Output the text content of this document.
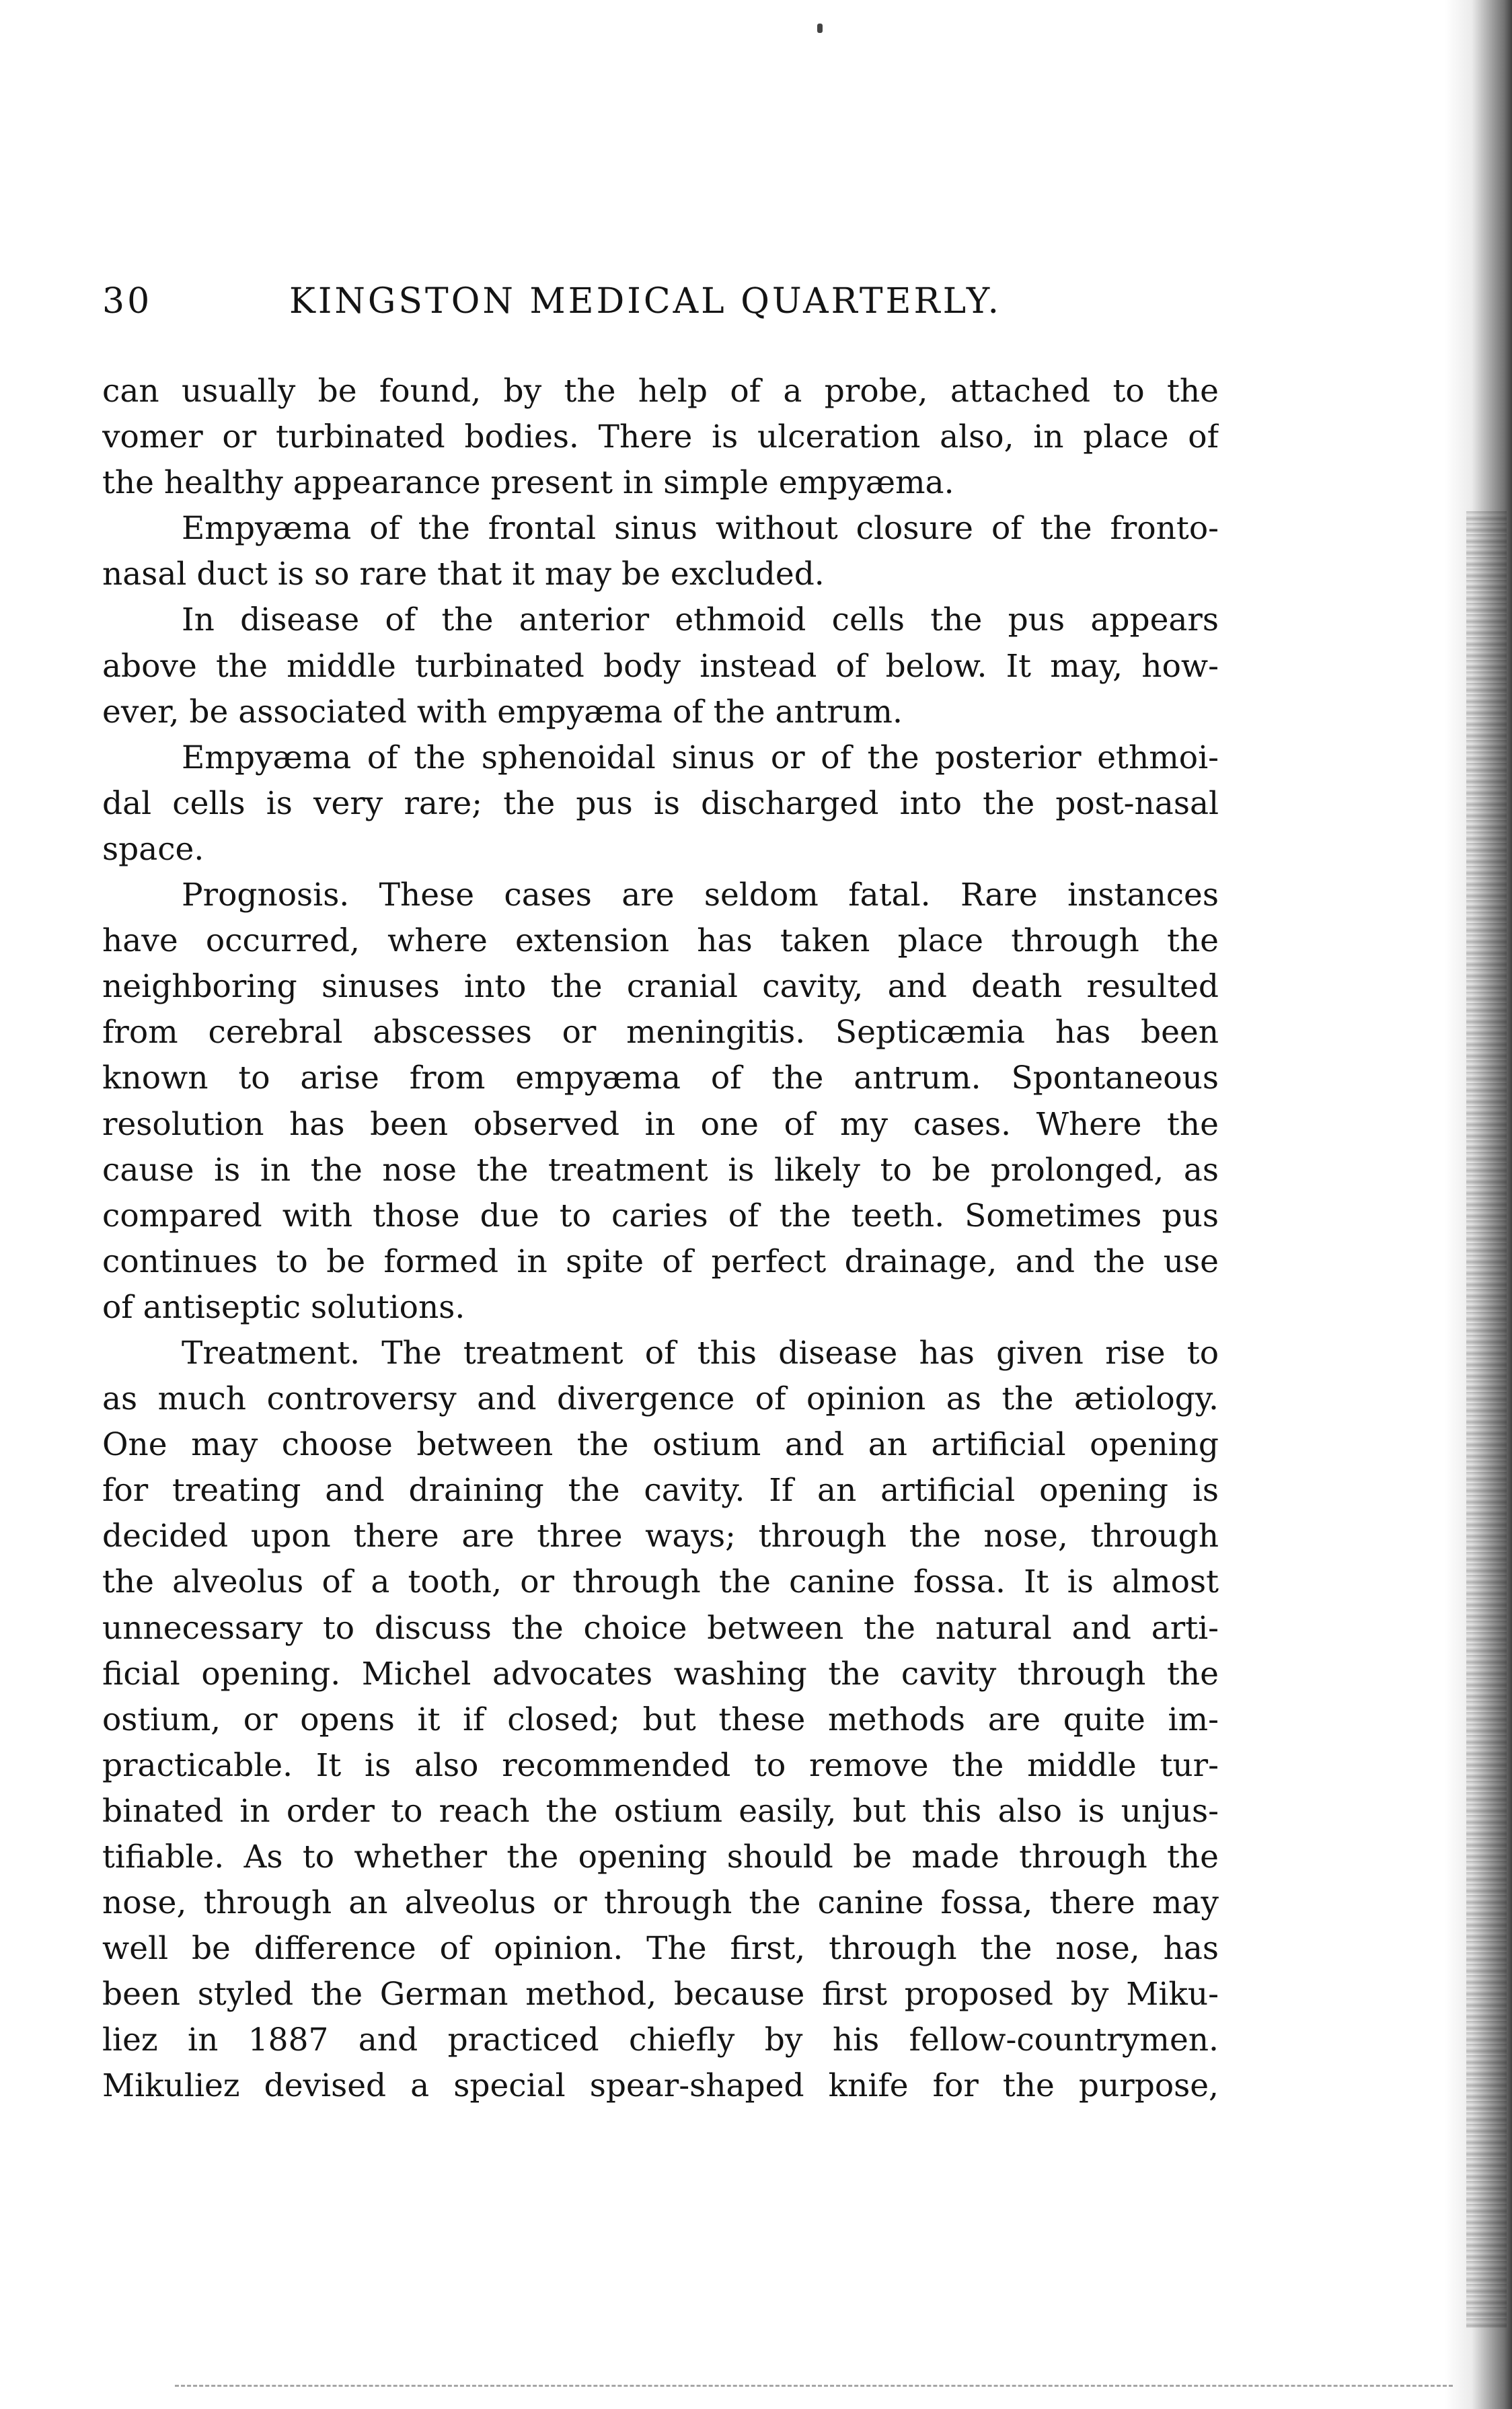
30	KINGSTON MEDICAL QUARTERLY.
can usually be found, by the help of a probe, attached to the
vomer or turbinated bodies. There is ulceration also, in place of
the healthy appearance present in simple empyæma.
Empyæma of the frontal sinus without closure of the fronto-
nasal duct is so rare that it may be excluded.
In disease of the anterior ethmoid cells the pus appears
above the middle turbinated body instead of below. It may, how-
ever, be associated with empyæma of the antrum.
Empyæma of the sphenoidal sinus or of the posterior ethmoi-
dal cells is very rare; the pus is discharged into the post-nasal
space.
Prognosis. These cases are seldom fatal. Rare instances
have occurred, where extension has taken place through the
neighboring sinuses into the cranial cavity, and death resulted
from cerebral abscesses or meningitis. Septicæmia has been
known to arise from empyæma of the antrum. Spontaneous
resolution has been observed in one of my cases. Where the
cause is in the nose the treatment is likely to be prolonged, as
compared with those due to caries of the teeth. Sometimes pus
continues to be formed in spite of perfect drainage, and the use
of antiseptic solutions.
Treatment. The treatment of this disease has given rise to
as much controversy and divergence of opinion as the ætiology.
One may choose between the ostium and an artificial opening
for treating and draining the cavity. If an artificial opening is
decided upon there are three ways; through the nose, through
the alveolus of a tooth, or through the canine fossa. It is almost
unnecessary to discuss the choice between the natural and arti-
ficial opening. Michel advocates washing the cavity through the
ostium, or opens it if closed; but these methods are quite im-
practicable. It is also recommended to remove the middle tur-
binated in order to reach the ostium easily, but this also is unjus-
tifiable. As to whether the opening should be made through the
nose, through an alveolus or through the canine fossa, there may
well be difference of opinion. The first, through the nose, has
been styled the German method, because first proposed by Miku-
liez in 1887 and practiced chiefly by his fellow-countrymen.
Mikuliez devised a special spear-shaped knife for the purpose,
